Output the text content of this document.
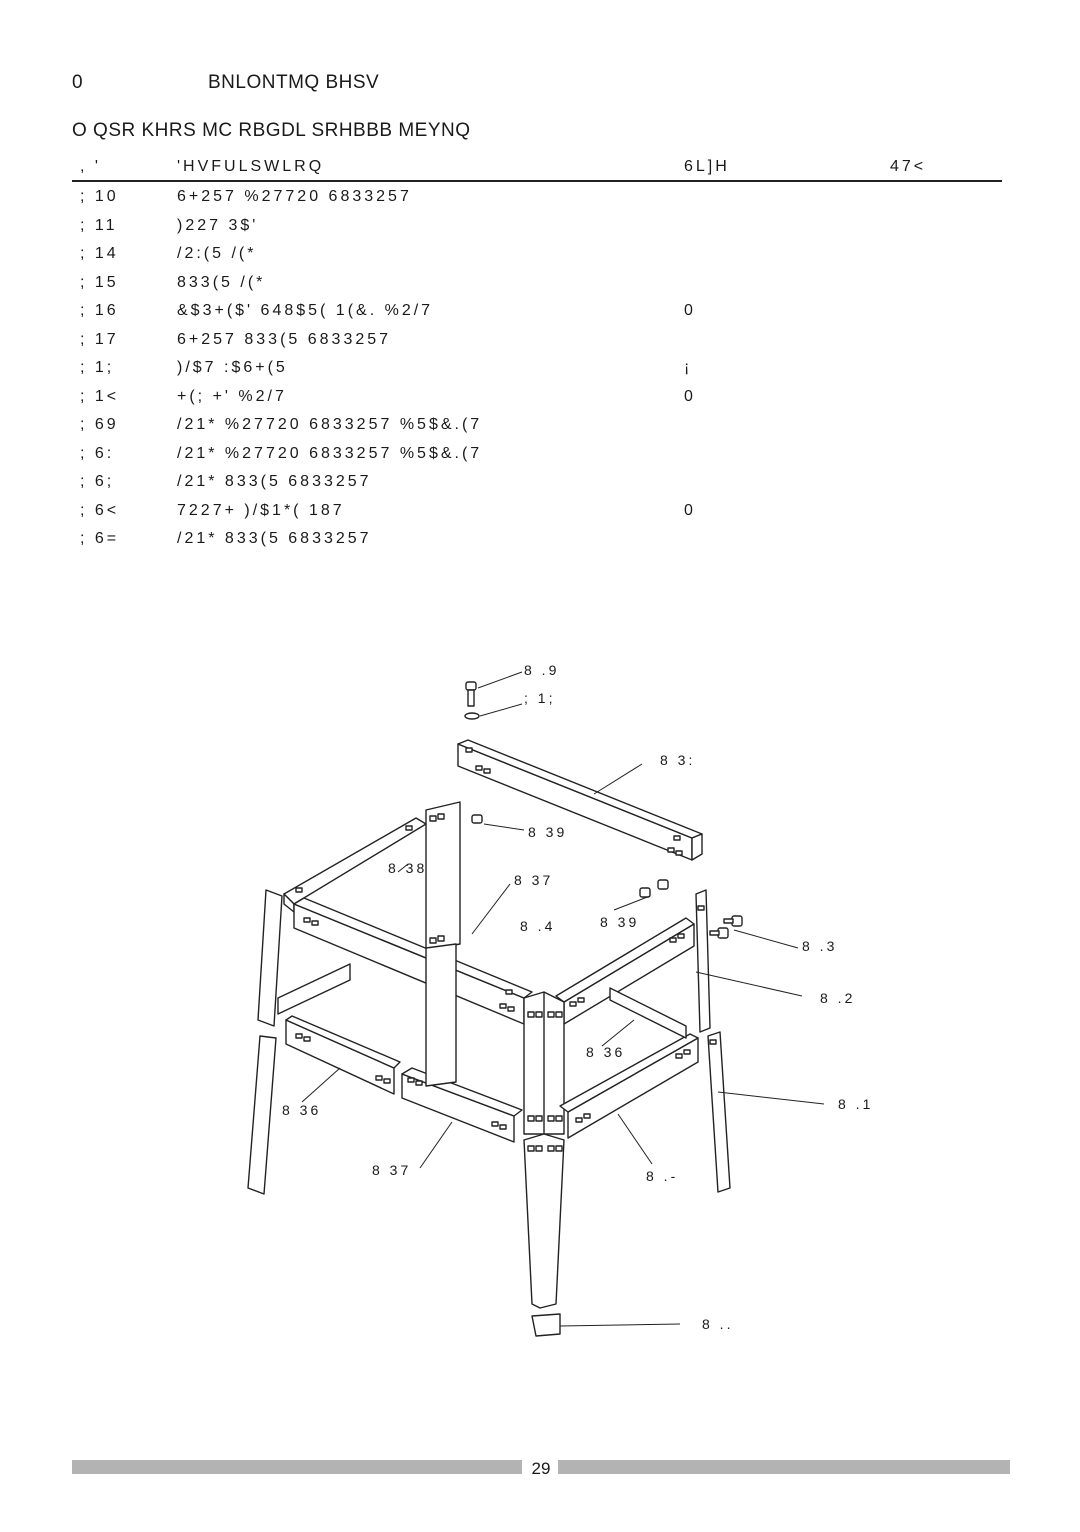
0	BNLONTMQ BHSV
O QSR KHRS MC RBGDL SRHBBB MEYNQ
, '	'HVFULSWLRQ	6L]H	47<
; 10	6+257 %27720 6833257
; 11	)227 3$'
; 14	/2:(5 /(*
; 15	833(5 /(*
; 16	&$3+($' 648$5( 1(&. %2/7	0
; 17	6+257 833(5 6833257
; 1;	)/$7 :$6+(5	¡
; 1<	+(; +' %2/7	0
; 69	/21* %27720 6833257 %5$&.(7
; 6:	/21* %27720 6833257 %5$&.(7
; 6;	/21* 833(5 6833257
; 6<	7227+ )/$1*( 187	0
; 6=	/21* 833(5 6833257
8 .9
; 1;
8 3:
8 39
8 38
8 37
8 .4	8 39
8 .3
8 .2
8 36
8 36	8 .1
8 37	8 .-
8 ..
29
